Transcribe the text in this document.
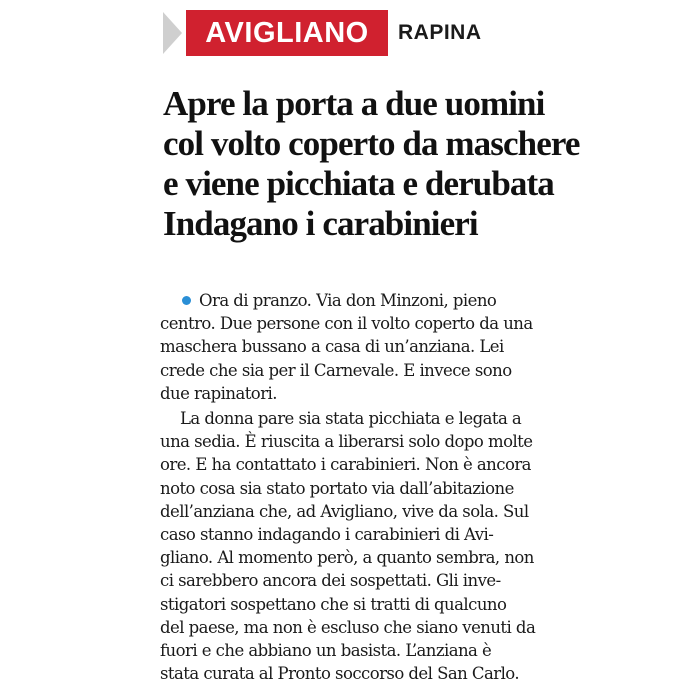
AVIGLIANO	RAPINA
Apre la porta a due uomini
col volto coperto da maschere
e viene picchiata e derubata
Indagano i carabinieri
Ora di pranzo. Via don Minzoni, pieno
centro. Due persone con il volto coperto da una
maschera bussano a casa di un’anziana. Lei
crede che sia per il Carnevale. E invece sono
due rapinatori.
La donna pare sia stata picchiata e legata a
una sedia. È riuscita a liberarsi solo dopo molte
ore. E ha contattato i carabinieri. Non è ancora
noto cosa sia stato portato via dall’abitazione
dell’anziana che, ad Avigliano, vive da sola. Sul
caso stanno indagando i carabinieri di Avi-
gliano. Al momento però, a quanto sembra, non
ci sarebbero ancora dei sospettati. Gli inve-
stigatori sospettano che si tratti di qualcuno
del paese, ma non è escluso che siano venuti da
fuori e che abbiano un basista. L’anziana è
stata curata al Pronto soccorso del San Carlo.
